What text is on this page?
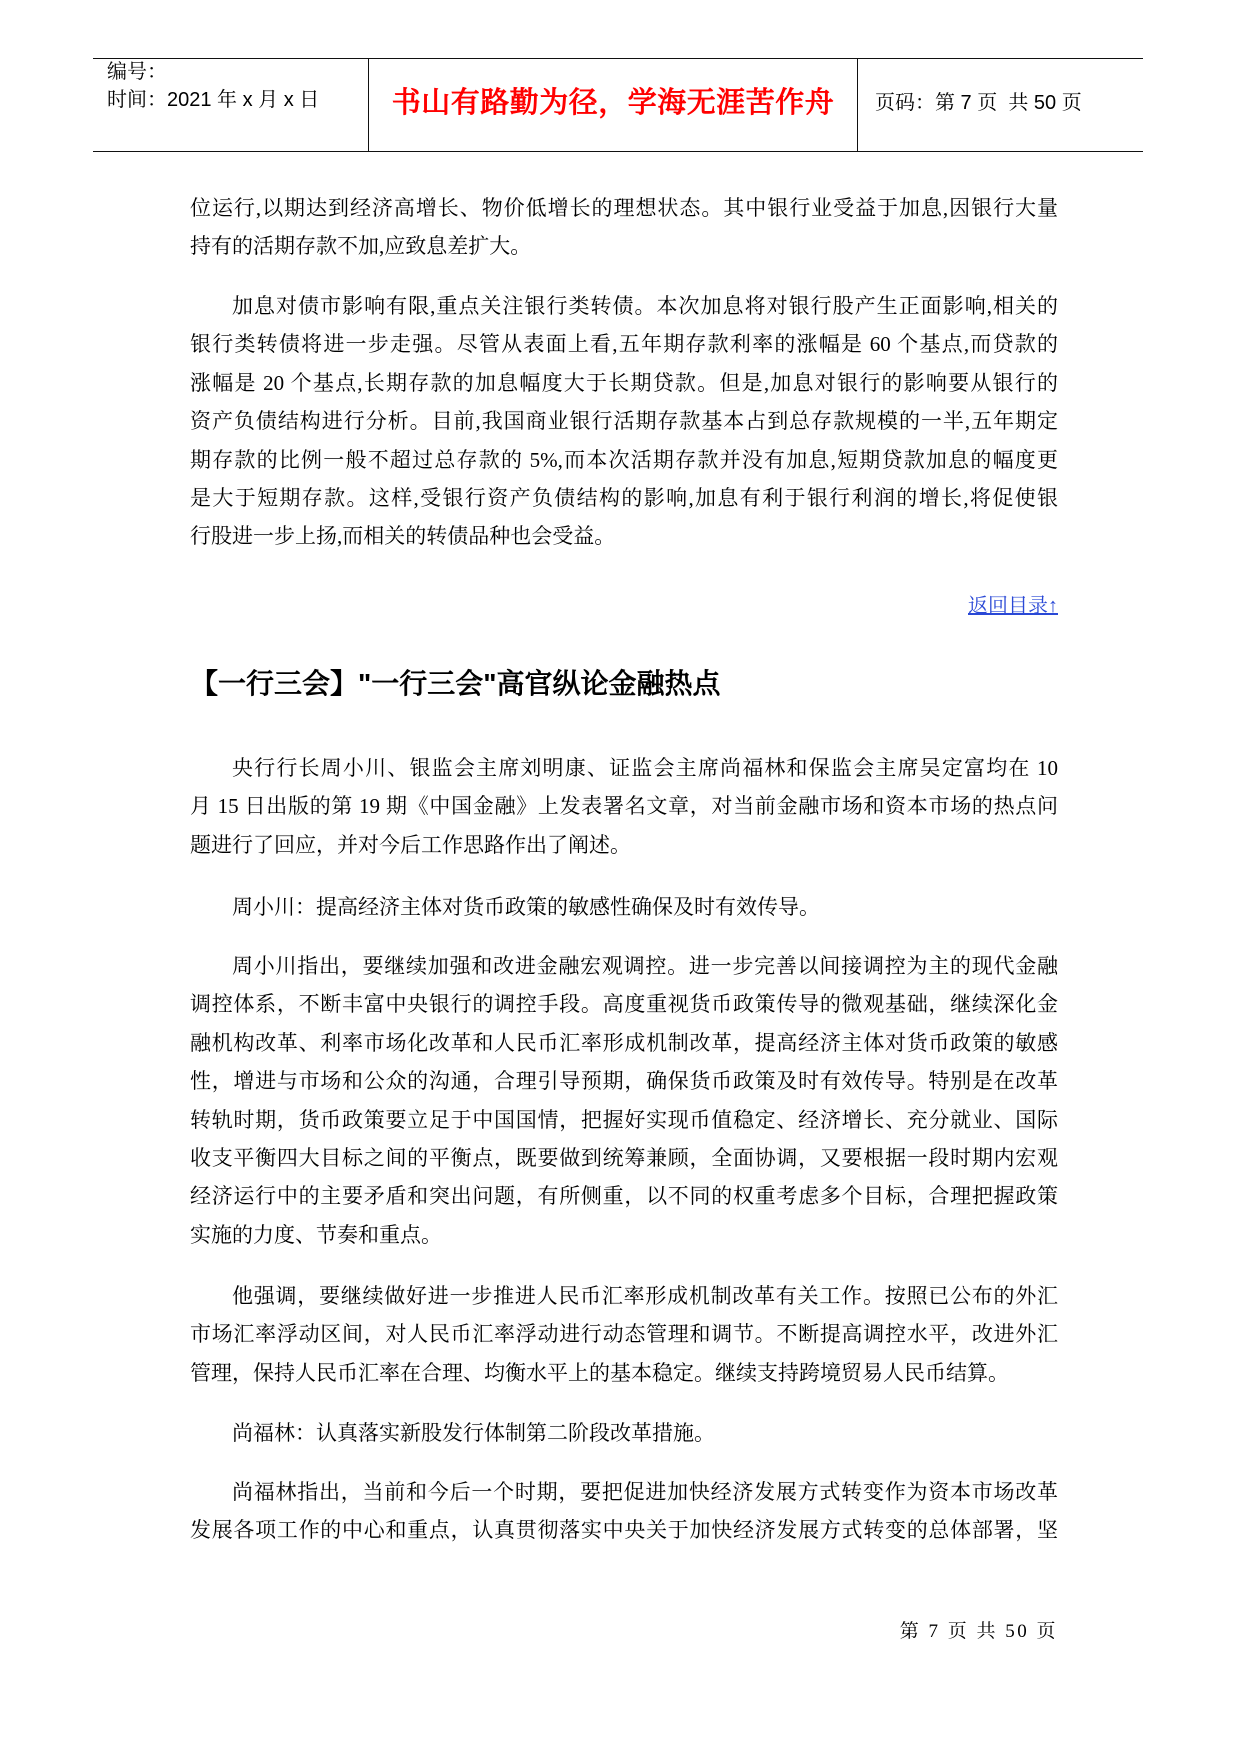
编号：
时间：2021 年 x 月 x 日 书山有路勤为径，学海无涯苦作舟 页码：第 7 页  共 50 页
位运行,以期达到经济高增长、物价低增长的理想状态。其中银行业受益于加息,因银行大量
持有的活期存款不加,应致息差扩大。
加息对债市影响有限,重点关注银行类转债。本次加息将对银行股产生正面影响,相关的
银行类转债将进一步走强。尽管从表面上看,五年期存款利率的涨幅是 60 个基点,而贷款的
涨幅是 20 个基点,长期存款的加息幅度大于长期贷款。但是,加息对银行的影响要从银行的
资产负债结构进行分析。目前,我国商业银行活期存款基本占到总存款规模的一半,五年期定
期存款的比例一般不超过总存款的 5%,而本次活期存款并没有加息,短期贷款加息的幅度更
是大于短期存款。这样,受银行资产负债结构的影响,加息有利于银行利润的增长,将促使银
行股进一步上扬,而相关的转债品种也会受益。
返回目录↑
【一行三会】"一行三会"高官纵论金融热点
央行行长周小川、银监会主席刘明康、证监会主席尚福林和保监会主席吴定富均在 10
月 15 日出版的第 19 期《中国金融》上发表署名文章，对当前金融市场和资本市场的热点问
题进行了回应，并对今后工作思路作出了阐述。
周小川：提高经济主体对货币政策的敏感性确保及时有效传导。
周小川指出，要继续加强和改进金融宏观调控。进一步完善以间接调控为主的现代金融
调控体系，不断丰富中央银行的调控手段。高度重视货币政策传导的微观基础，继续深化金
融机构改革、利率市场化改革和人民币汇率形成机制改革，提高经济主体对货币政策的敏感
性，增进与市场和公众的沟通，合理引导预期，确保货币政策及时有效传导。特别是在改革
转轨时期，货币政策要立足于中国国情，把握好实现币值稳定、经济增长、充分就业、国际
收支平衡四大目标之间的平衡点，既要做到统筹兼顾，全面协调，又要根据一段时期内宏观
经济运行中的主要矛盾和突出问题，有所侧重，以不同的权重考虑多个目标，合理把握政策
实施的力度、节奏和重点。
他强调，要继续做好进一步推进人民币汇率形成机制改革有关工作。按照已公布的外汇
市场汇率浮动区间，对人民币汇率浮动进行动态管理和调节。不断提高调控水平，改进外汇
管理，保持人民币汇率在合理、均衡水平上的基本稳定。继续支持跨境贸易人民币结算。
尚福林：认真落实新股发行体制第二阶段改革措施。
尚福林指出，当前和今后一个时期，要把促进加快经济发展方式转变作为资本市场改革
发展各项工作的中心和重点，认真贯彻落实中央关于加快经济发展方式转变的总体部署，坚
第 7 页 共 50 页
